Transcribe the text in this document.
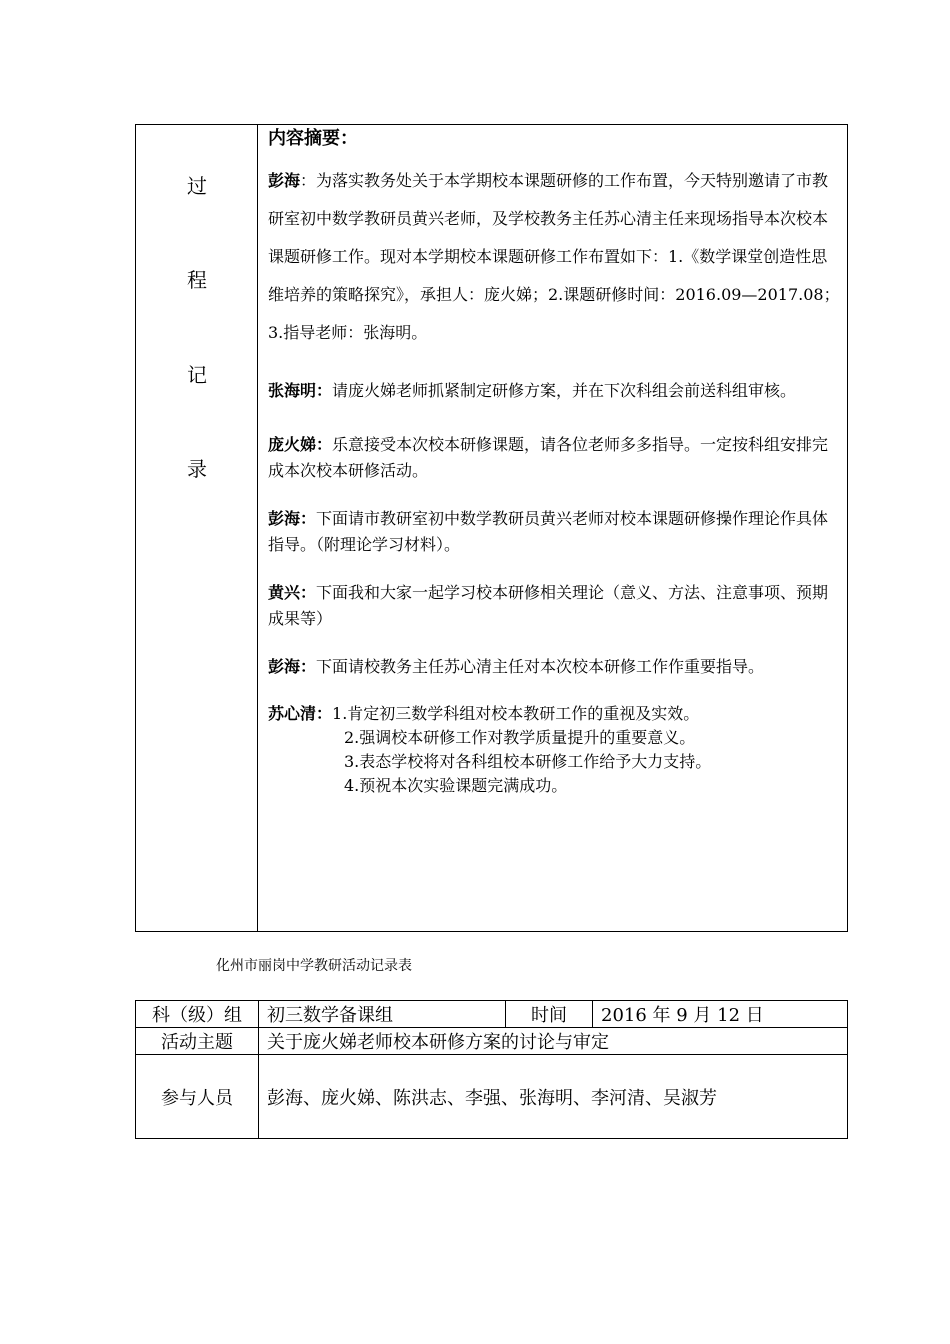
过
程
记
录

内容摘要：

彭海：为落实教务处关于本学期校本课题研修的工作布置，今天特别邀请了市教研室初中数学教研员黄兴老师，及学校教务主任苏心清主任来现场指导本次校本课题研修工作。现对本学期校本课题研修工作布置如下：1.《数学课堂创造性思维培养的策略探究》，承担人：庞火娣；2.课题研修时间：2016.09—2017.08；3.指导老师：张海明。

张海明：请庞火娣老师抓紧制定研修方案，并在下次科组会前送科组审核。

庞火娣：乐意接受本次校本研修课题，请各位老师多多指导。一定按科组安排完成本次校本研修活动。

彭海：下面请市教研室初中数学教研员黄兴老师对校本课题研修操作理论作具体指导。（附理论学习材料）。

黄兴：下面我和大家一起学习校本研修相关理论（意义、方法、注意事项、预期成果等）

彭海：下面请校教务主任苏心清主任对本次校本研修工作作重要指导。

苏心清：1.肯定初三数学科组对校本教研工作的重视及实效。

2.强调校本研修工作对教学质量提升的重要意义。

3.表态学校将对各科组校本研修工作给予大力支持。

4.预祝本次实验课题完满成功。

化州市丽岗中学教研活动记录表
科（级）组	初三数学备课组	时间	2016 年 9 月 12 日
活动主题	关于庞火娣老师校本研修方案的讨论与审定		
参与人员	彭海、庞火娣、陈洪志、李强、张海明、李河清、吴淑芳		
